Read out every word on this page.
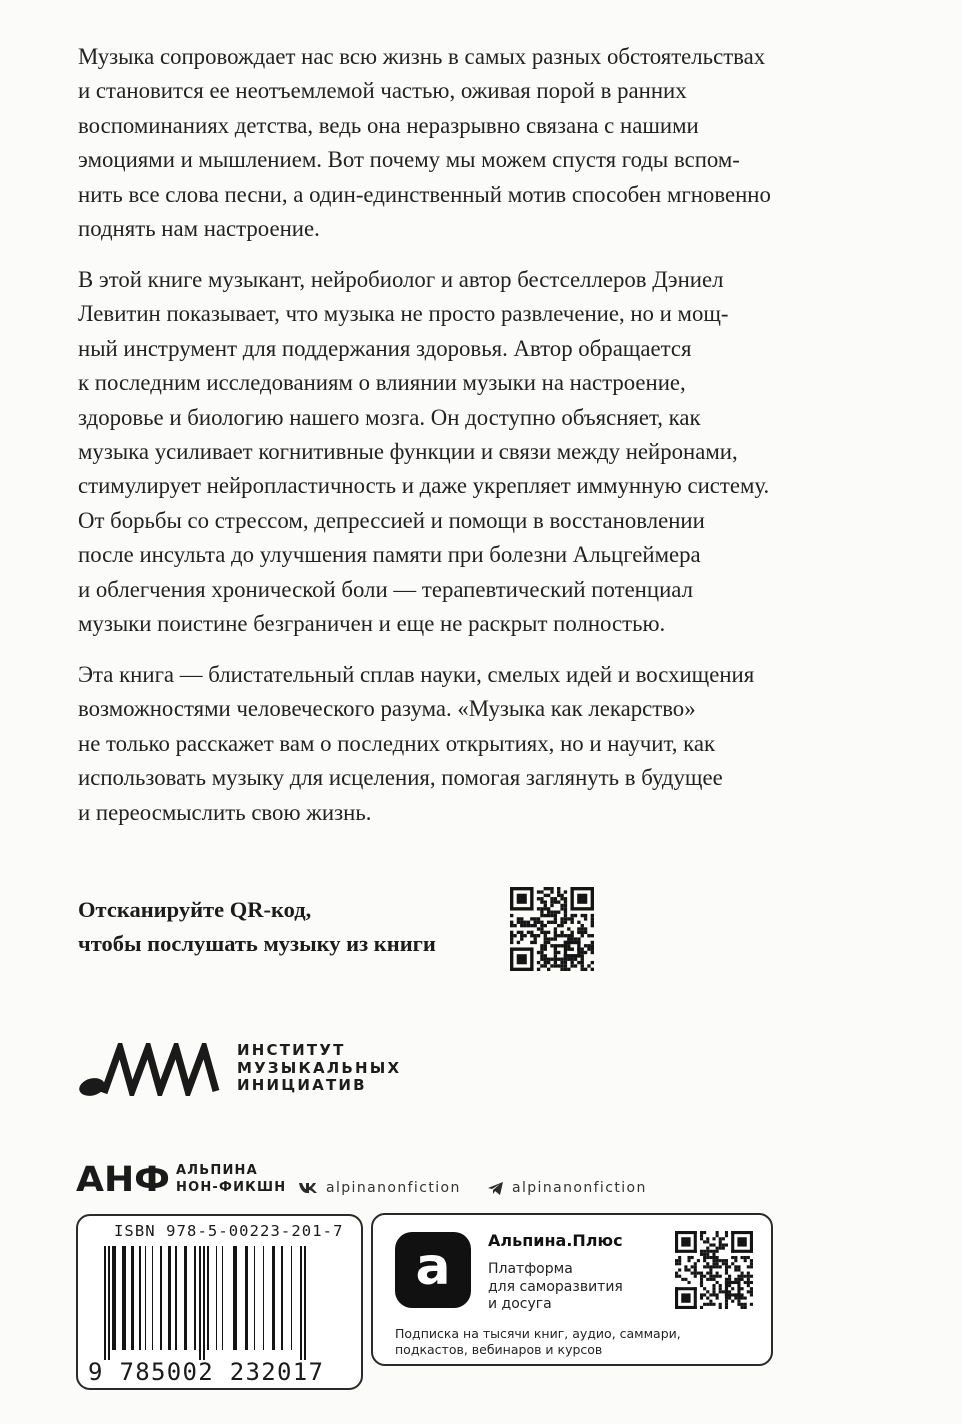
Музыка сопровождает нас всю жизнь в самых разных обстоятельствах
и становится ее неотъемлемой частью, оживая порой в ранних
воспоминаниях детства, ведь она неразрывно связана с нашими
эмоциями и мышлением. Вот почему мы можем спустя годы вспом-
нить все слова песни, а один-единственный мотив способен мгновенно
поднять нам настроение.
В этой книге музыкант, нейробиолог и автор бестселлеров Дэниел
Левитин показывает, что музыка не просто развлечение, но и мощ-
ный инструмент для поддержания здоровья. Автор обращается
к последним исследованиям о влиянии музыки на настроение,
здоровье и биологию нашего мозга. Он доступно объясняет, как
музыка усиливает когнитивные функции и связи между нейронами,
стимулирует нейропластичность и даже укрепляет иммунную систему.
От борьбы со стрессом, депрессией и помощи в восстановлении
после инсульта до улучшения памяти при болезни Альцгеймера
и облегчения хронической боли — терапевтический потенциал
музыки поистине безграничен и еще не раскрыт полностью.
Эта книга — блистательный сплав науки, смелых идей и восхищения
возможностями человеческого разума. «Музыка как лекарство»
не только расскажет вам о последних открытиях, но и научит, как
использовать музыку для исцеления, помогая заглянуть в будущее
и переосмыслить свою жизнь.
Отсканируйте QR-код,
чтобы послушать музыку из книги
ИНСТИТУТ
МУЗЫКАЛЬНЫХ
ИНИЦИАТИВ
АНФ АЛЬПИНА
НОН-ФИКШН	alpinanonfiction	alpinanonfiction
ISBN 978-5-00223-201-7
9 785002 232017
a Альпина.Плюс
Платформа
для саморазвития
и досуга
Подписка на тысячи книг, аудио, саммари,
подкастов, вебинаров и курсов
